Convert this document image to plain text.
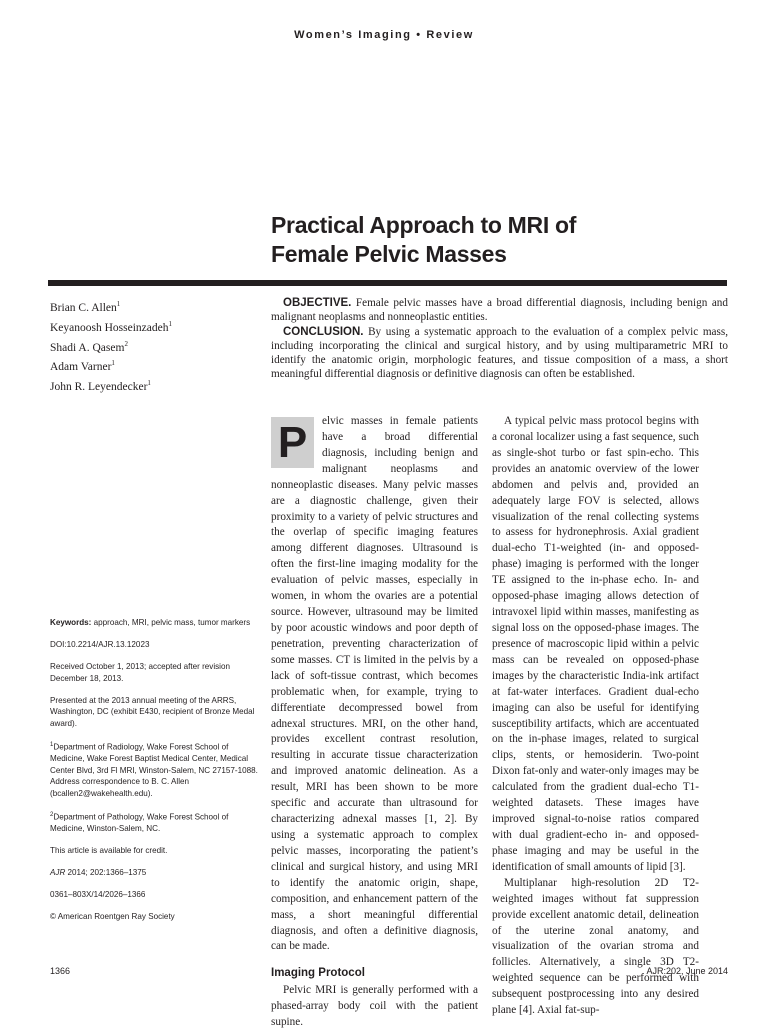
Women’s Imaging • Review
Practical Approach to MRI of
Female Pelvic Masses
Brian C. Allen$^1$
Keyanoosh Hosseinzadeh$^1$
Shadi A. Qasem$^2$
Adam Varner$^1$
John R. Leyendecker$^1$

OBJECTIVE. Female pelvic masses have a broad differential diagnosis, including benign and malignant neoplasms and nonneoplastic entities.

CONCLUSION. By using a systematic approach to the evaluation of a complex pelvic mass, including incorporating the clinical and surgical history, and by using multiparametric MRI to identify the anatomic origin, morphologic features, and tissue composition of a mass, a short meaningful differential diagnosis or definitive diagnosis can often be established.

Keywords: approach, MRI, pelvic mass, tumor markers

DOI:10.2214/AJR.13.12023

Received October 1, 2013; accepted after revision December 18, 2013.

Presented at the 2013 annual meeting of the ARRS, Washington, DC (exhibit E430, recipient of Bronze Medal award).

$^1$Department of Radiology, Wake Forest School of Medicine, Wake Forest Baptist Medical Center, Medical Center Blvd, 3rd Fl MRI, Winston-Salem, NC 27157-1088. Address correspondence to B. C. Allen (bcallen2@wakehealth.edu).

$^2$Department of Pathology, Wake Forest School of Medicine, Winston-Salem, NC.

This article is available for credit.

AJR 2014; 202:1366–1375

0361–803X/14/2026–1366

© American Roentgen Ray Society

P	elvic masses in female patients have a broad differential diagnosis, including benign and malignant neoplasms and nonneoplastic diseases. Many pelvic masses are a diagnostic challenge, given their proximity to a variety of pelvic structures and the overlap of specific imaging features among different diagnoses. Ultrasound is often the first-line imaging modality for the evaluation of pelvic masses, especially in women, in whom the ovaries are a potential source. However, ultrasound may be limited by poor acoustic windows and poor depth of penetration, preventing characterization of some masses. CT is limited in the pelvis by a lack of soft-tissue contrast, which becomes problematic when, for example, trying to differentiate decompressed bowel from adnexal structures. MRI, on the other hand, provides excellent contrast resolution, resulting in accurate tissue characterization and improved anatomic delineation. As a result, MRI has been shown to be more specific and accurate than ultrasound for characterizing adnexal masses [1, 2]. By using a systematic approach to complex pelvic masses, incorporating the patient’s clinical and surgical history, and using MRI to identify the anatomic origin, shape, composition, and enhancement pattern of the mass, a short meaningful differential diagnosis, and often a definitive diagnosis, can be made.

Imaging Protocol

Pelvic MRI is generally performed with a phased-array body coil with the patient supine.

A typical pelvic mass protocol begins with a coronal localizer using a fast sequence, such as single-shot turbo or fast spin-echo. This provides an anatomic overview of the lower abdomen and pelvis and, provided an adequately large FOV is selected, allows visualization of the renal collecting systems to assess for hydronephrosis. Axial gradient dual-echo T1-weighted (in- and opposed-phase) imaging is performed with the longer TE assigned to the in-phase echo. In- and opposed-phase imaging allows detection of intravoxel lipid within masses, manifesting as signal loss on the opposed-phase images. The presence of macroscopic lipid within a pelvic mass can be revealed on opposed-phase images by the characteristic India-ink artifact at fat-water interfaces. Gradient dual-echo imaging can also be useful for identifying susceptibility artifacts, which are accentuated on the in-phase images, related to surgical clips, stents, or hemosiderin. Two-point Dixon fat-only and water-only images may be calculated from the gradient dual-echo T1-weighted datasets. These images have improved signal-to-noise ratios compared with dual gradient-echo in- and opposed-phase imaging and may be useful in the identification of small amounts of lipid [3].

Multiplanar high-resolution 2D T2-weighted images without fat suppression provide excellent anatomic detail, delineation of the uterine zonal anatomy, and visualization of the ovarian stroma and follicles. Alternatively, a single 3D T2-weighted sequence can be performed with subsequent postprocessing into any desired plane [4]. Axial fat-sup-

1366	AJR:202, June 2014
